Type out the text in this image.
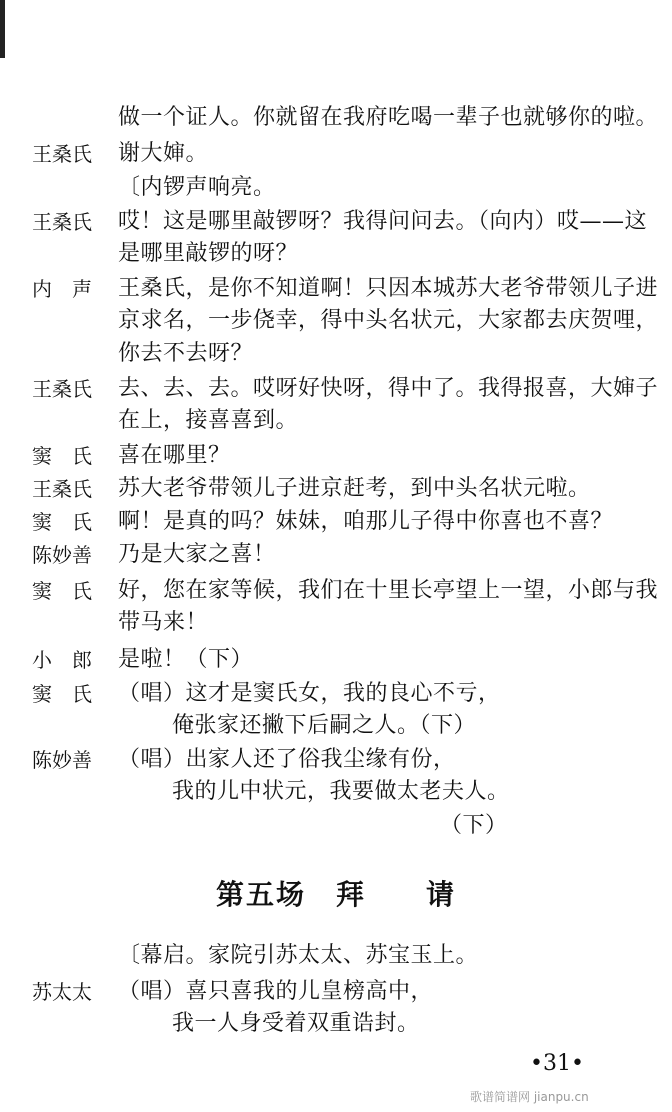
做一个证人。你就留在我府吃喝一辈子也就够你的啦。
王桑氏 谢大婶。
〔内锣声响亮。
王桑氏 哎！这是哪里敲锣呀？我得问问去。（向内）哎——这
是哪里敲锣的呀？
内　声 王桑氏，是你不知道啊！只因本城苏大老爷带领儿子进
京求名，一步侥幸，得中头名状元，大家都去庆贺哩，
你去不去呀？
王桑氏 去、去、去。哎呀好快呀，得中了。我得报喜，大婶子
在上，接喜喜到。
窦　氏 喜在哪里？
王桑氏 苏大老爷带领儿子进京赶考，到中头名状元啦。
窦　氏 啊！是真的吗？妹妹，咱那儿子得中你喜也不喜？
陈妙善 乃是大家之喜！
窦　氏 好，您在家等候，我们在十里长亭望上一望，小郎与我
带马来！
小　郎 是啦！（下）
窦　氏 （唱）这才是窦氏女，我的良心不亏，
俺张家还撇下后嗣之人。（下）
陈妙善 （唱）出家人还了俗我尘缘有份，
我的儿中状元，我要做太老夫人。
（下）
第五场　拜　　请
〔幕启。家院引苏太太、苏宝玉上。
苏太太 （唱）喜只喜我的儿皇榜高中，
我一人身受着双重诰封。
•31•
歌谱简谱网 jianpu.cn
